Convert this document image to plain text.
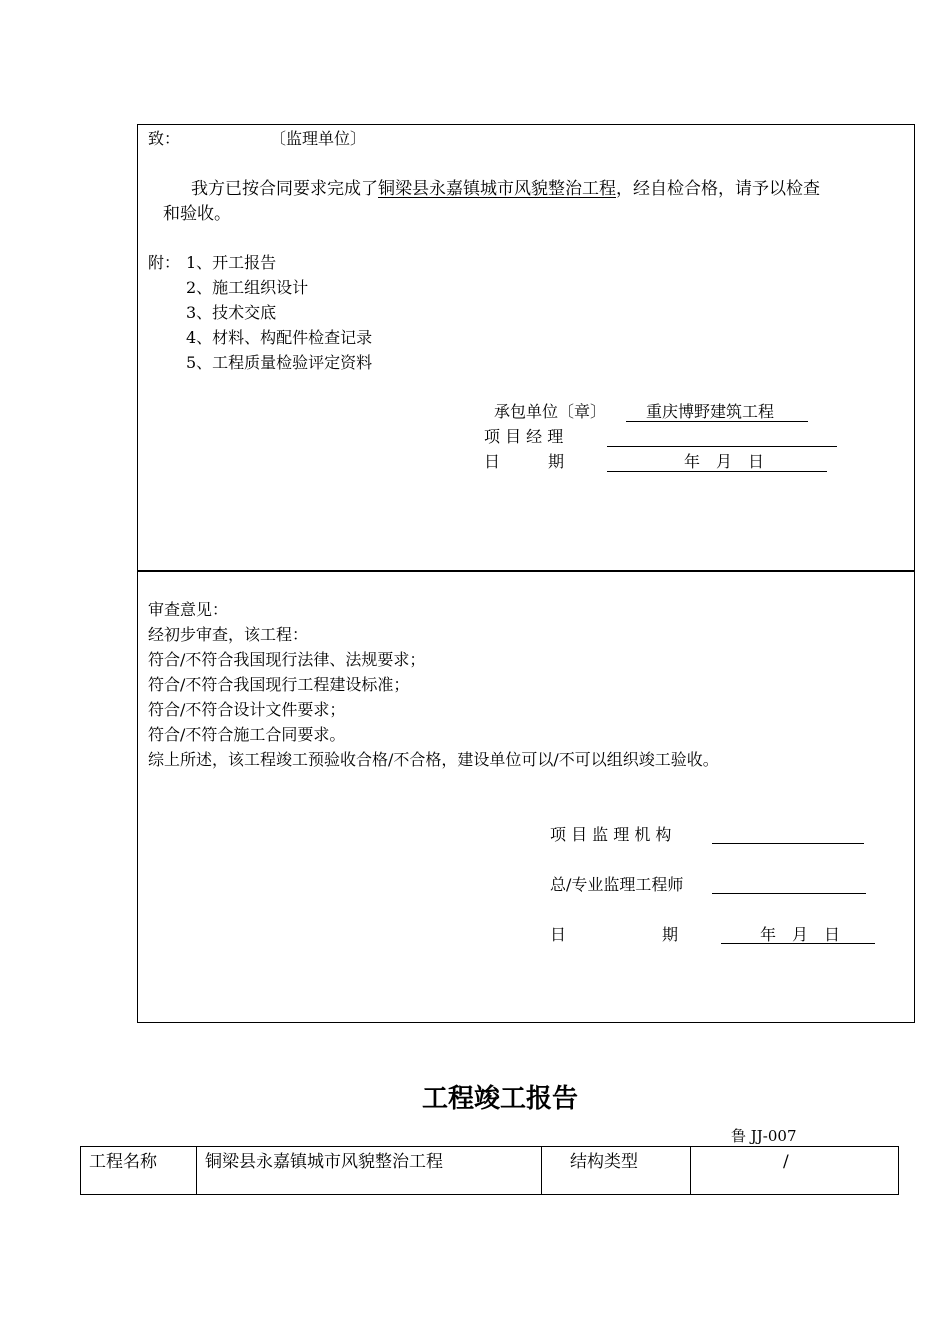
致：	〔监理单位〕
我方已按合同要求完成了铜梁县永嘉镇城市风貌整治工程，经自检合格，请予以检查
和验收。
附： 1、开工报告
2、施工组织设计
3、技术交底
4、材料、构配件检查记录
5、工程质量检验评定资料
承包单位〔章〕 重庆博野建筑工程
项 目 经 理
日　　　期	年　月　日
审查意见：
经初步审查，该工程：
符合/不符合我国现行法律、法规要求；
符合/不符合我国现行工程建设标准；
符合/不符合设计文件要求；
符合/不符合施工合同要求。
综上所述，该工程竣工预验收合格/不合格，建设单位可以/不可以组织竣工验收。
项 目 监 理 机 构
总/专业监理工程师
日　　　　　　期	年　月　日
工程竣工报告
鲁 JJ-007
工程名称	铜梁县永嘉镇城市风貌整治工程	结构类型	/
